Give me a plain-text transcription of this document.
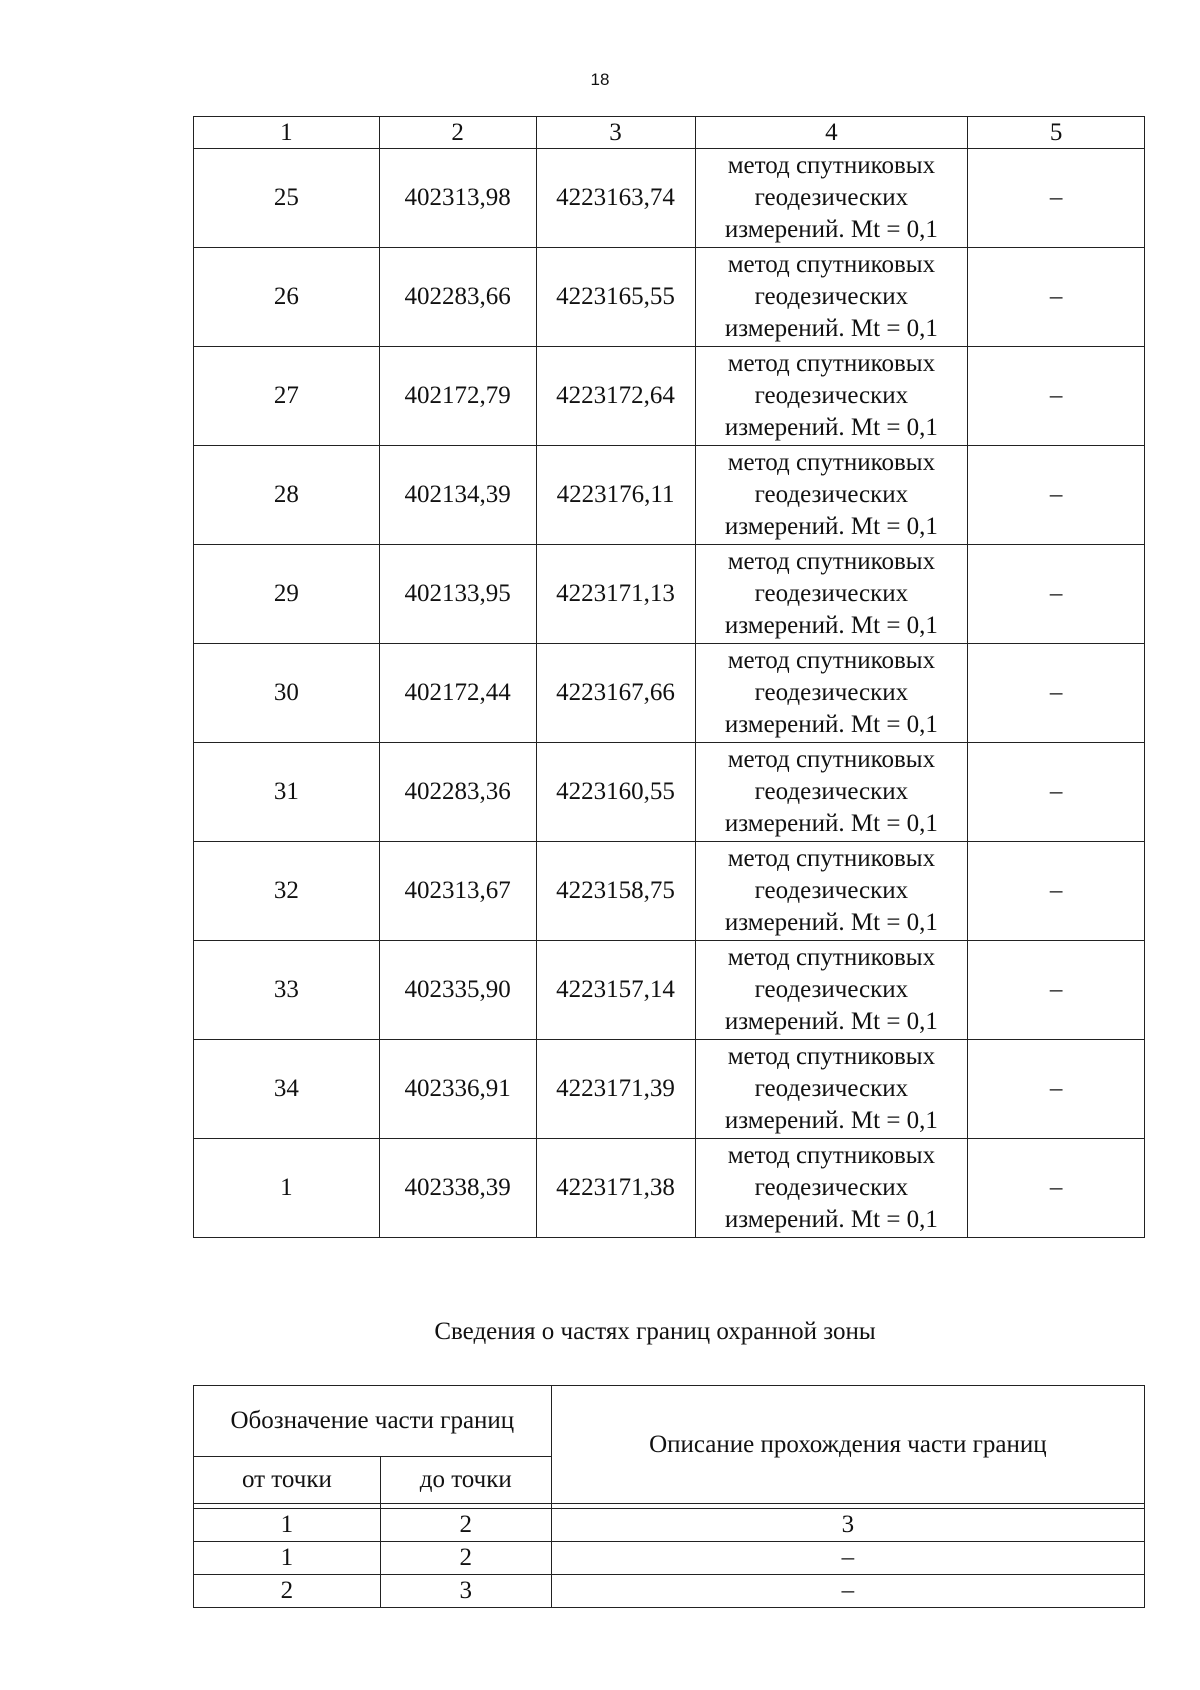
18
1	2	3	4	5
25	402313,98	4223163,74	метод спутниковых
геодезических
измерений. Mt = 0,1	–
26	402283,66	4223165,55	метод спутниковых
геодезических
измерений. Mt = 0,1	–
27	402172,79	4223172,64	метод спутниковых
геодезических
измерений. Mt = 0,1	–
28	402134,39	4223176,11	метод спутниковых
геодезических
измерений. Mt = 0,1	–
29	402133,95	4223171,13	метод спутниковых
геодезических
измерений. Mt = 0,1	–
30	402172,44	4223167,66	метод спутниковых
геодезических
измерений. Mt = 0,1	–
31	402283,36	4223160,55	метод спутниковых
геодезических
измерений. Mt = 0,1	–
32	402313,67	4223158,75	метод спутниковых
геодезических
измерений. Mt = 0,1	–
33	402335,90	4223157,14	метод спутниковых
геодезических
измерений. Mt = 0,1	–
34	402336,91	4223171,39	метод спутниковых
геодезических
измерений. Mt = 0,1	–
1	402338,39	4223171,38	метод спутниковых
геодезических
измерений. Mt = 0,1	–
Сведения о частях границ охранной зоны
Обозначение части границ		Описание прохождения части границ
от точки	до точки	

1	2	3
1	2	–
2	3	–
